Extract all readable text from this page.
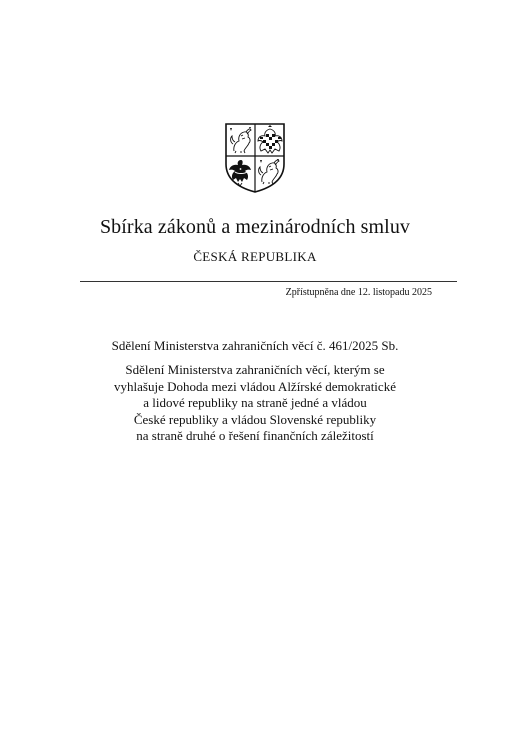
Sbírka zákonů a mezinárodních smluv
ČESKÁ REPUBLIKA
Zpřístupněna dne 12. listopadu 2025
Sdělení Ministerstva zahraničních věcí č. 461/2025 Sb.
Sdělení Ministerstva zahraničních věcí, kterým se
vyhlašuje Dohoda mezi vládou Alžírské demokratické
a lidové republiky na straně jedné a vládou
České republiky a vládou Slovenské republiky
na straně druhé o řešení finančních záležitostí
